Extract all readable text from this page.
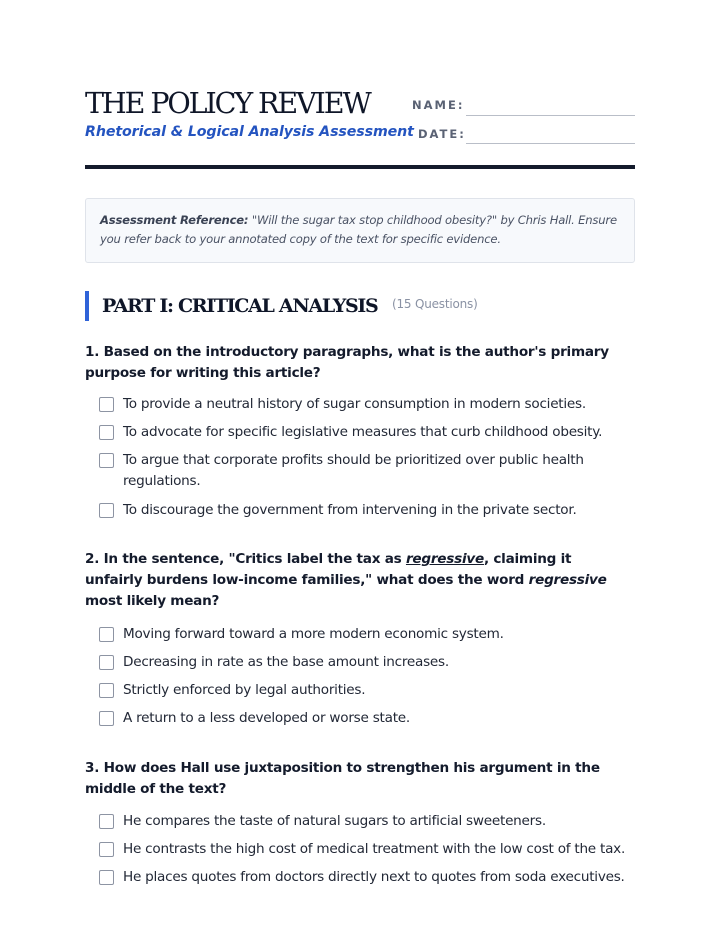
THE POLICY REVIEW
Rhetorical & Logical Analysis Assessment
NAME:
DATE:
Assessment Reference: "Will the sugar tax stop childhood obesity?" by Chris Hall. Ensure you refer back to your annotated copy of the text for specific evidence.
PART I: CRITICAL ANALYSIS (15 Questions)
1. Based on the introductory paragraphs, what is the author's primary purpose for writing this article?
To provide a neutral history of sugar consumption in modern societies.
To advocate for specific legislative measures that curb childhood obesity.
To argue that corporate profits should be prioritized over public health regulations.
To discourage the government from intervening in the private sector.
2. In the sentence, "Critics label the tax as regressive, claiming it unfairly burdens low-income families," what does the word regressive most likely mean?
Moving forward toward a more modern economic system.
Decreasing in rate as the base amount increases.
Strictly enforced by legal authorities.
A return to a less developed or worse state.
3. How does Hall use juxtaposition to strengthen his argument in the middle of the text?
He compares the taste of natural sugars to artificial sweeteners.
He contrasts the high cost of medical treatment with the low cost of the tax.
He places quotes from doctors directly next to quotes from soda executives.
